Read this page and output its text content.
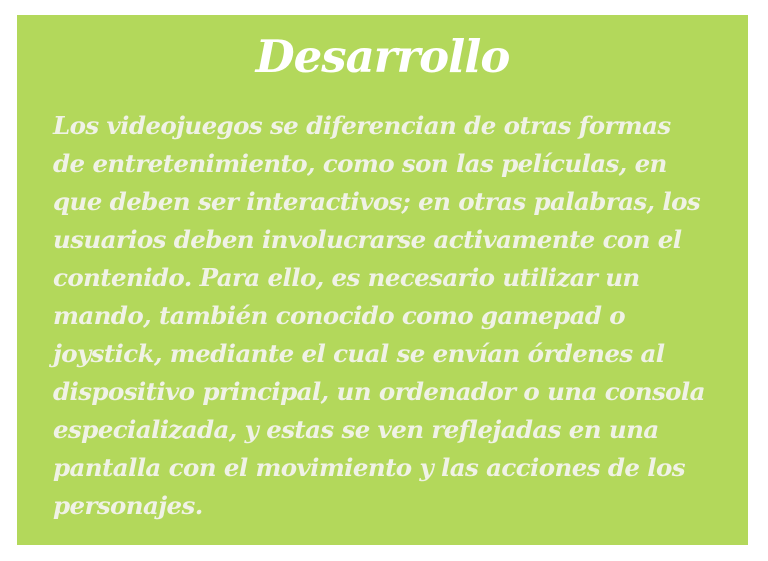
Desarrollo

Los videojuegos se diferencian de otras formas de entretenimiento, como son las películas, en que deben ser interactivos; en otras palabras, los usuarios deben involucrarse activamente con el contenido. Para ello, es necesario utilizar un mando, también conocido como gamepad o joystick, mediante el cual se envían órdenes al dispositivo principal, un ordenador o una consola especializada, y estas se ven reflejadas en una pantalla con el movimiento y las acciones de los personajes.
